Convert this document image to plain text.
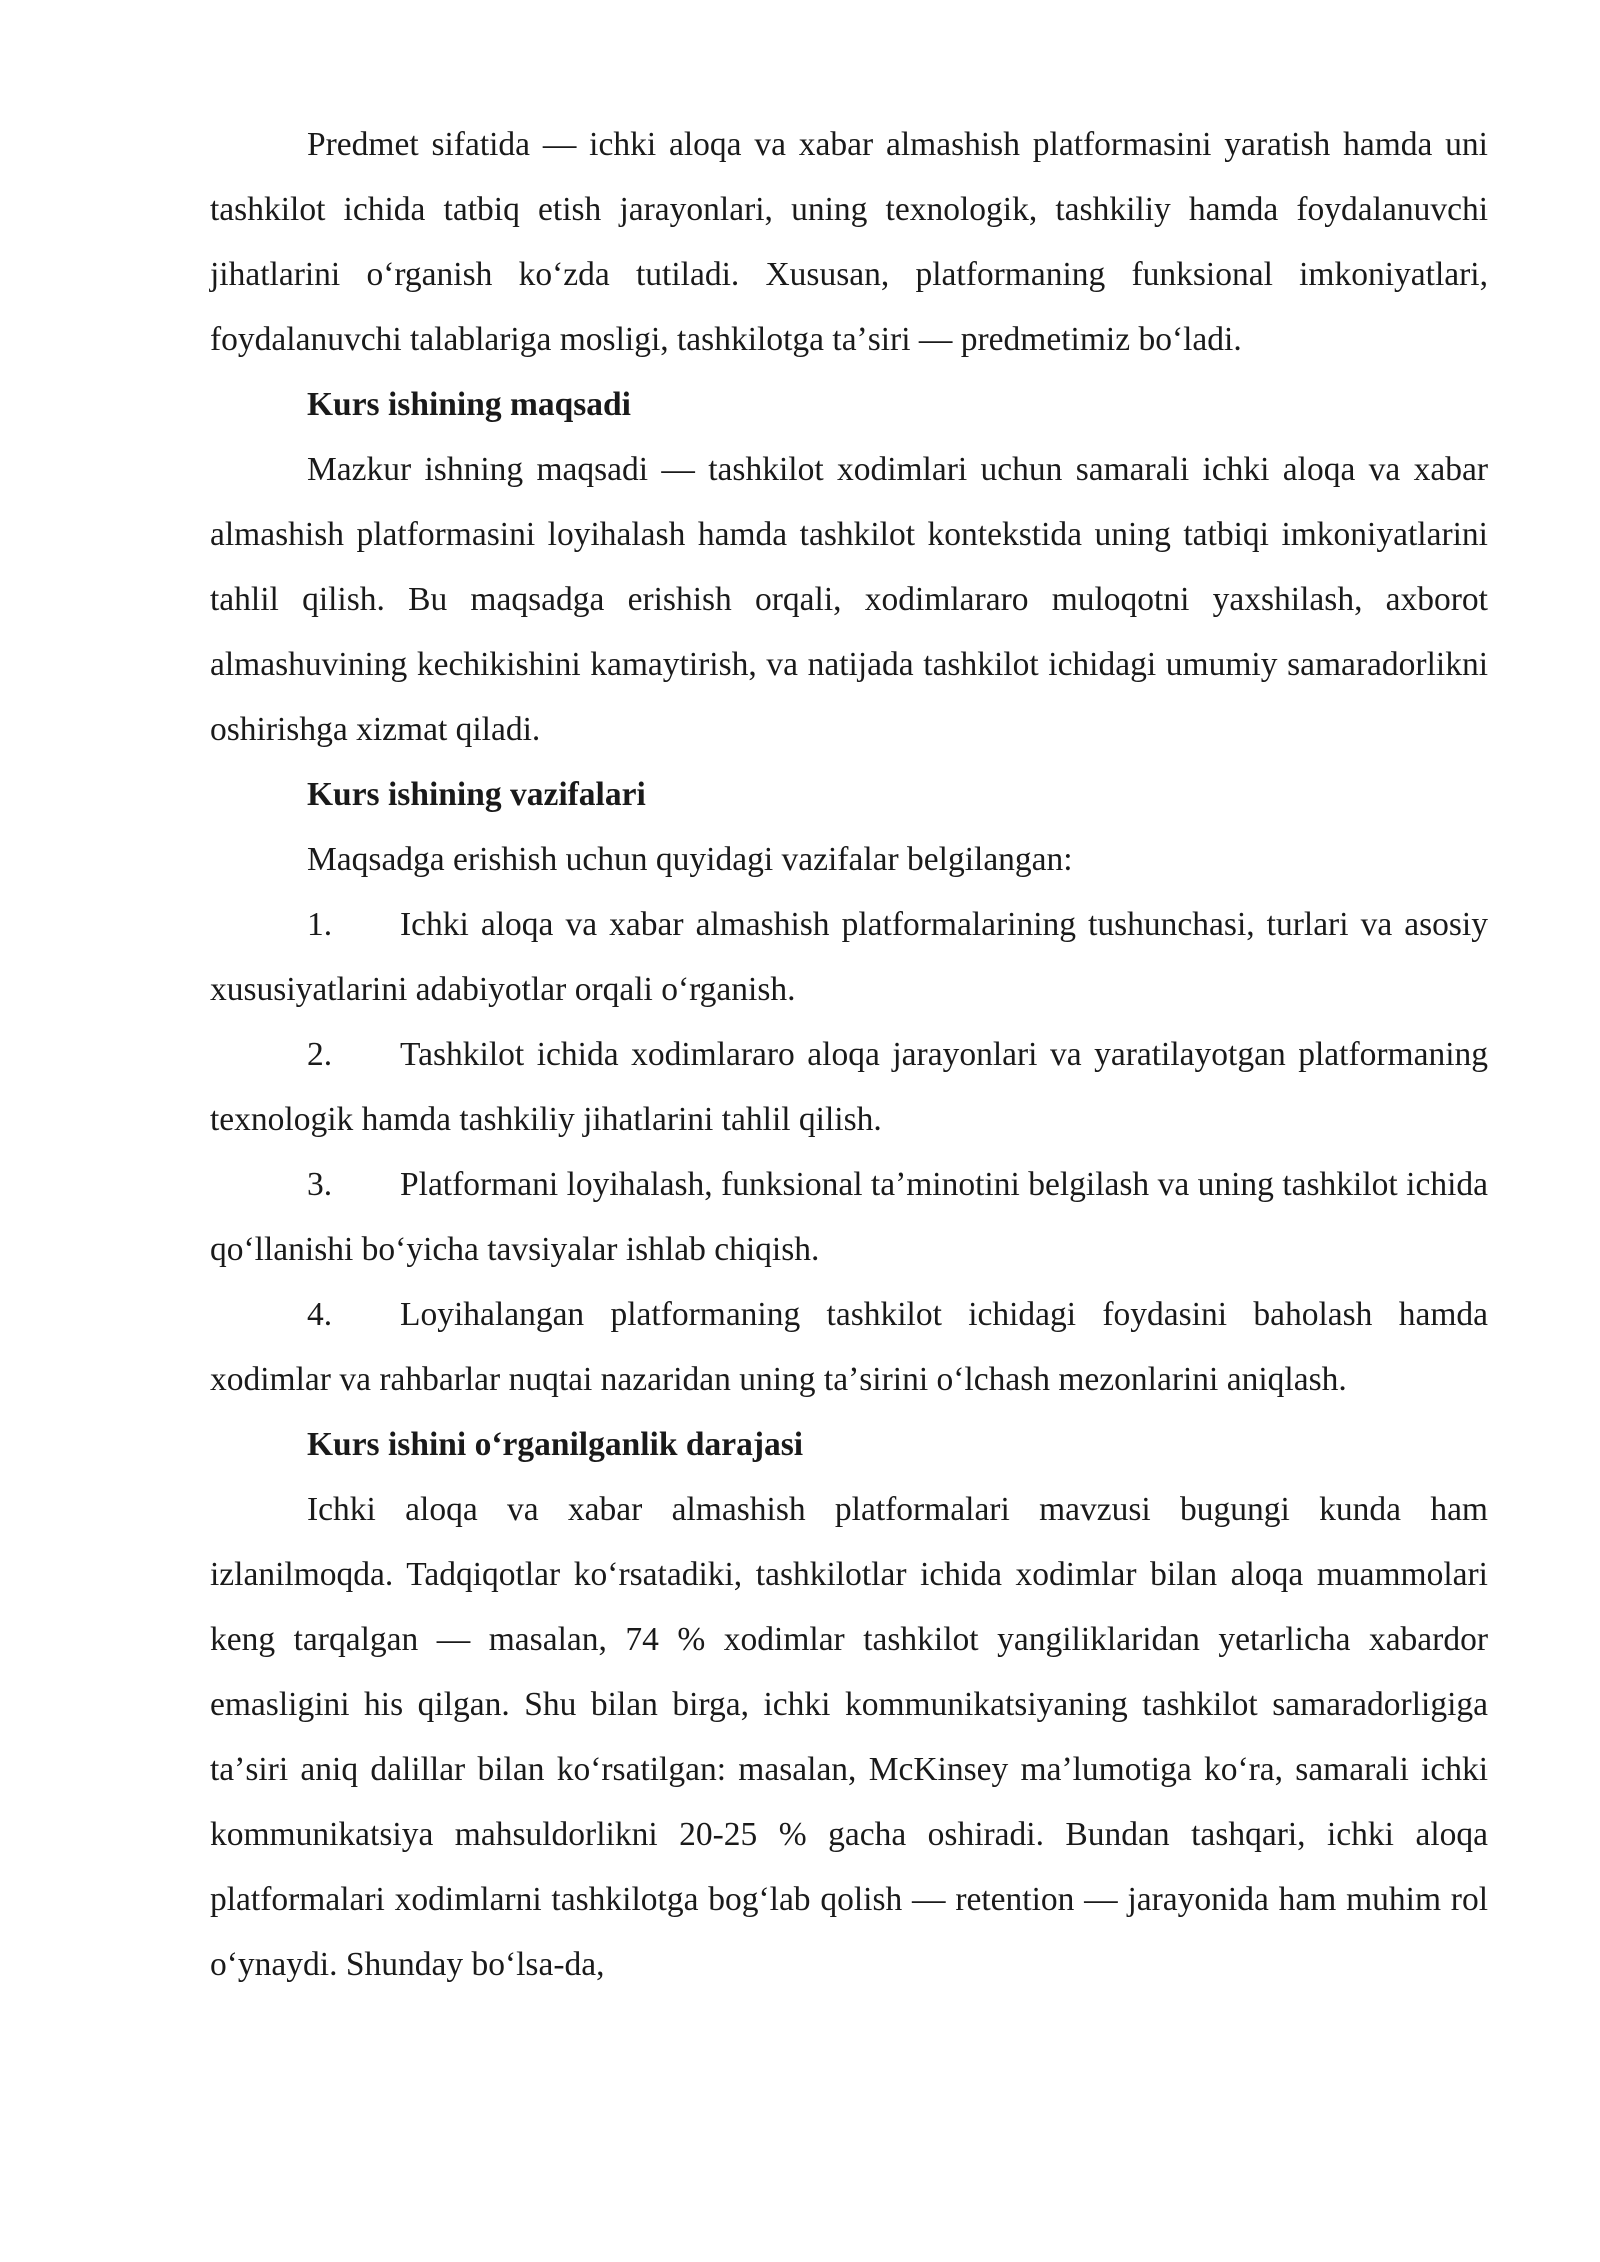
Predmet sifatida — ichki aloqa va xabar almashish platformasini yaratish hamda uni tashkilot ichida tatbiq etish jarayonlari, uning texnologik, tashkiliy hamda foydalanuvchi jihatlarini oʻrganish koʻzda tutiladi. Xususan, platformaning funksional imkoniyatlari, foydalanuvchi talablariga mosligi, tashkilotga taʼsiri — predmetimiz boʻladi.

Kurs ishining maqsadi

Mazkur ishning maqsadi — tashkilot xodimlari uchun samarali ichki aloqa va xabar almashish platformasini loyihalash hamda tashkilot kontekstida uning tatbiqi imkoniyatlarini tahlil qilish. Bu maqsadga erishish orqali, xodimlararo muloqotni yaxshilash, axborot almashuvining kechikishini kamaytirish, va natijada tashkilot ichidagi umumiy samaradorlikni oshirishga xizmat qiladi.

Kurs ishining vazifalari

Maqsadga erishish uchun quyidagi vazifalar belgilangan:

1. Ichki aloqa va xabar almashish platformalarining tushunchasi, turlari va asosiy xususiyatlarini adabiyotlar orqali oʻrganish.

2. Tashkilot ichida xodimlararo aloqa jarayonlari va yaratilayotgan platformaning texnologik hamda tashkiliy jihatlarini tahlil qilish.

3. Platformani loyihalash, funksional taʼminotini belgilash va uning tashkilot ichida qoʻllanishi boʻyicha tavsiyalar ishlab chiqish.

4. Loyihalangan platformaning tashkilot ichidagi foydasini baholash hamda xodimlar va rahbarlar nuqtai nazaridan uning taʼsirini oʻlchash mezonlarini aniqlash.

Kurs ishini oʻrganilganlik darajasi

Ichki aloqa va xabar almashish platformalari mavzusi bugungi kunda ham izlanilmoqda. Tadqiqotlar koʻrsatadiki, tashkilotlar ichida xodimlar bilan aloqa muammolari keng tarqalgan — masalan, 74 % xodimlar tashkilot yangiliklaridan yetarlicha xabardor emasligini his qilgan. Shu bilan birga, ichki kommunikatsiyaning tashkilot samaradorligiga taʼsiri aniq dalillar bilan koʻrsatilgan: masalan, McKinsey maʼlumotiga koʻra, samarali ichki kommunikatsiya mahsuldorlikni 20-25 % gacha oshiradi. Bundan tashqari, ichki aloqa platformalari xodimlarni tashkilotga bogʻlab qolish — retention — jarayonida ham muhim rol oʻynaydi. Shunday boʻlsa-da,
